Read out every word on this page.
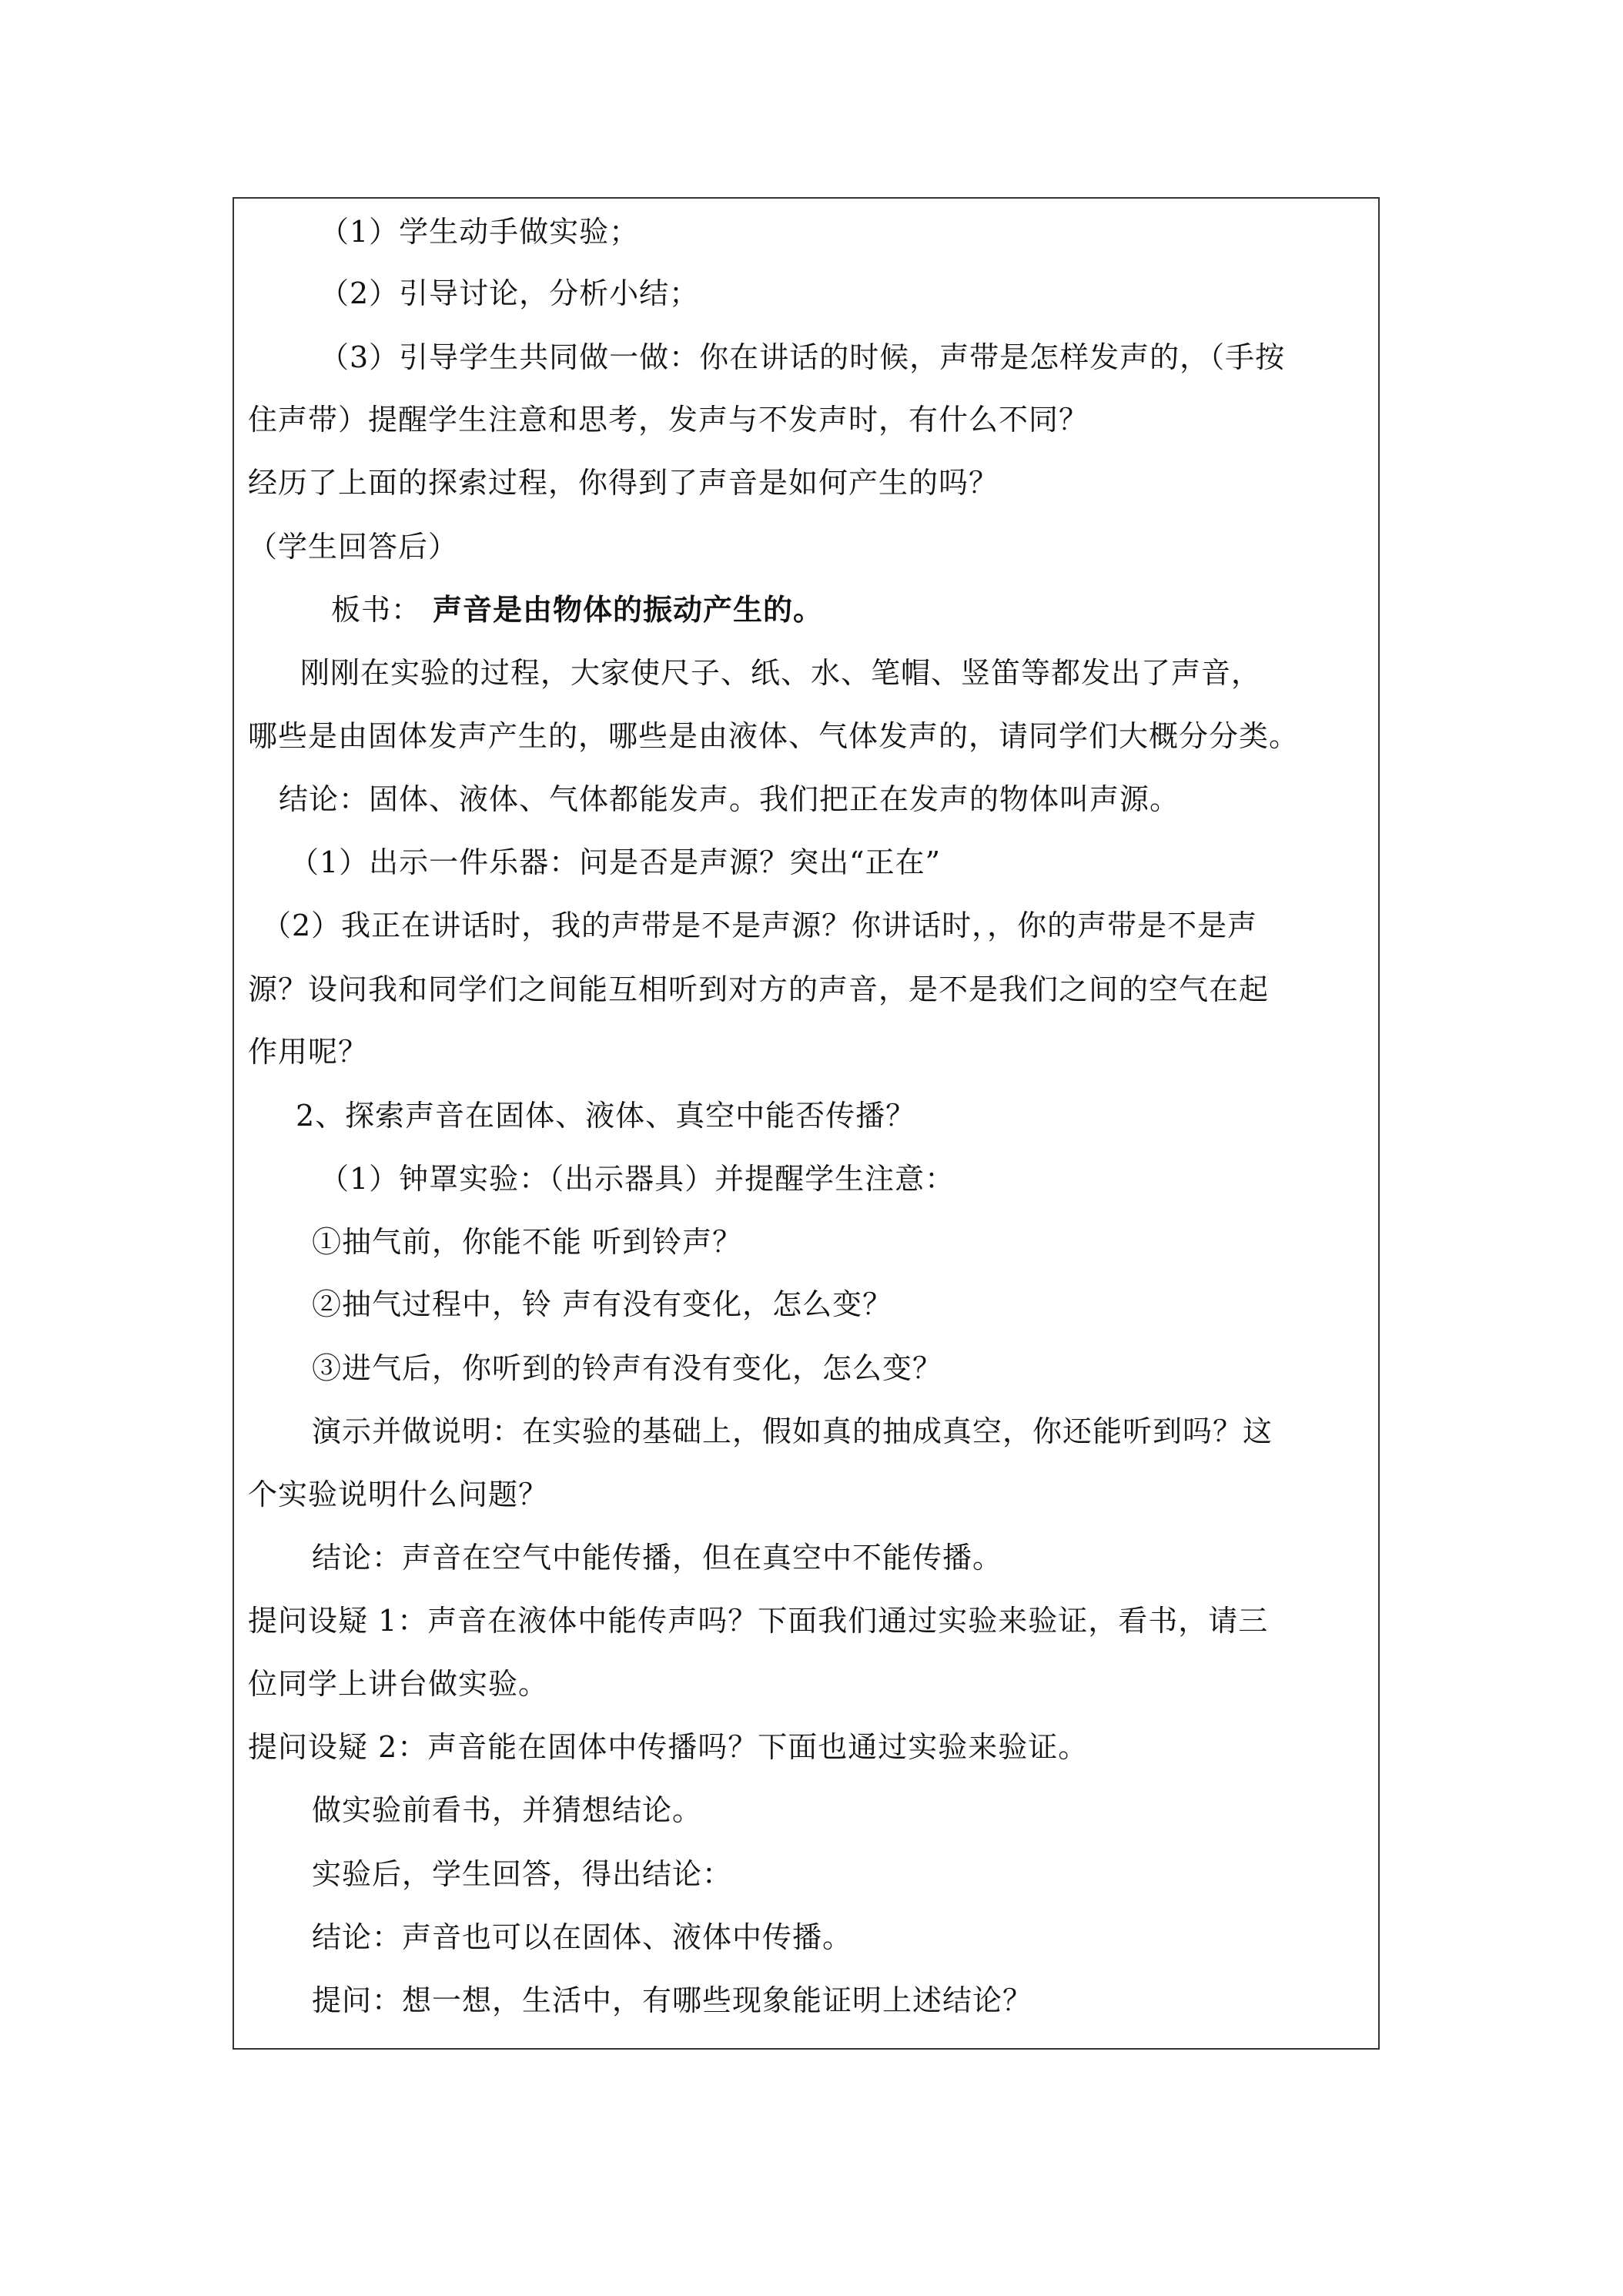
（1）学生动手做实验；
（2）引导讨论，分析小结；
（3）引导学生共同做一做：你在讲话的时候，声带是怎样发声的，（手按
住声带）提醒学生注意和思考，发声与不发声时，有什么不同？
经历了上面的探索过程，你得到了声音是如何产生的吗？
（学生回答后）
板书： 声音是由物体的振动产生的。
刚刚在实验的过程，大家使尺子、纸、水、笔帽、竖笛等都发出了声音，
哪些是由固体发声产生的，哪些是由液体、气体发声的，请同学们大概分分类。
结论：固体、液体、气体都能发声。我们把正在发声的物体叫声源。
（1）出示一件乐器：问是否是声源？突出“正在”
（2）我正在讲话时，我的声带是不是声源？你讲话时，，你的声带是不是声
源？设问我和同学们之间能互相听到对方的声音，是不是我们之间的空气在起
作用呢？
2、探索声音在固体、液体、真空中能否传播？
（1）钟罩实验：（出示器具）并提醒学生注意：
①抽气前，你能不能 听到铃声？
②抽气过程中，铃 声有没有变化，怎么变？
③进气后，你听到的铃声有没有变化，怎么变？
演示并做说明：在实验的基础上，假如真的抽成真空，你还能听到吗？这
个实验说明什么问题？
结论：声音在空气中能传播，但在真空中不能传播。
提问设疑 1：声音在液体中能传声吗？下面我们通过实验来验证，看书，请三
位同学上讲台做实验。
提问设疑 2：声音能在固体中传播吗？下面也通过实验来验证。
做实验前看书，并猜想结论。
实验后，学生回答，得出结论：
结论：声音也可以在固体、液体中传播。
提问：想一想，生活中，有哪些现象能证明上述结论？
